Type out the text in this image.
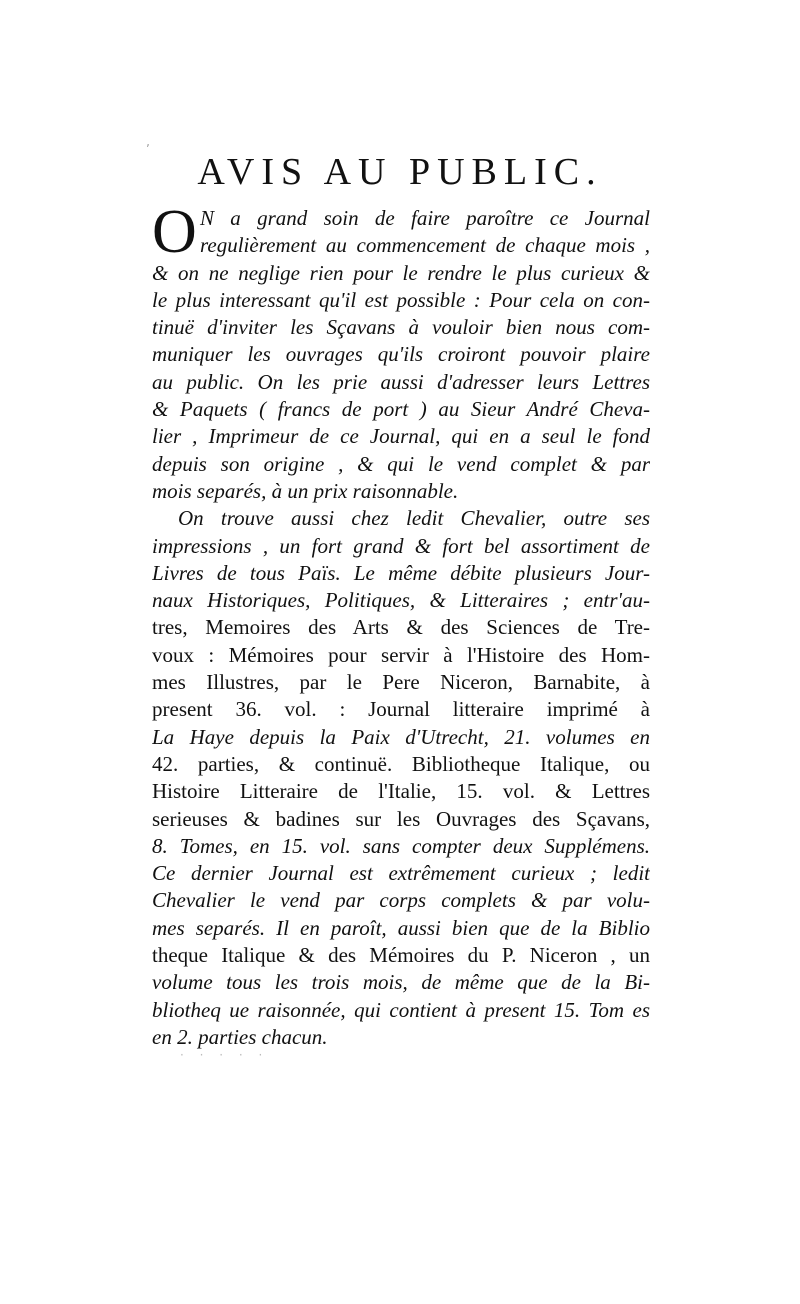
ʼ
AVIS AU PUBLIC.
O N a grand soin de faire paroître ce Journal
regulièrement au commencement de chaque mois ,
& on ne neglige rien pour le rendre le plus curieux &
le plus interessant qu'il est possible : Pour cela on con-
tinuë d'inviter les Sçavans à vouloir bien nous com-
muniquer les ouvrages qu'ils croiront pouvoir plaire
au public. On les prie aussi d'adresser leurs Lettres
& Paquets ( francs de port ) au Sieur André Cheva-
lier , Imprimeur de ce Journal, qui en a seul le fond
depuis son origine , & qui le vend complet & par
mois separés, à un prix raisonnable.
On trouve aussi chez ledit Chevalier, outre ses
impressions , un fort grand & fort bel assortiment de
Livres de tous Païs. Le même débite plusieurs Jour-
naux Historiques, Politiques, & Litteraires ; entr'au-
tres, Memoires des Arts & des Sciences de Tre-
voux : Mémoires pour servir à l'Histoire des Hom-
mes Illustres, par le Pere Niceron, Barnabite, à
present 36. vol. : Journal litteraire imprimé à
La Haye depuis la Paix d'Utrecht, 21. volumes en
42. parties, & continuë. Bibliotheque Italique, ou
Histoire Litteraire de l'Italie, 15. vol. & Lettres
serieuses & badines sur les Ouvrages des Sçavans,
8. Tomes, en 15. vol. sans compter deux Supplémens.
Ce dernier Journal est extrêmement curieux ; ledit
Chevalier le vend par corps complets & par volu-
mes separés. Il en paroît, aussi bien que de la Biblio
theque Italique & des Mémoires du P. Niceron , un
volume tous les trois mois, de même que de la Bi-
bliotheq ue raisonnée, qui contient à present 15. Tom es
en 2. parties chacun.
· · · · ·
